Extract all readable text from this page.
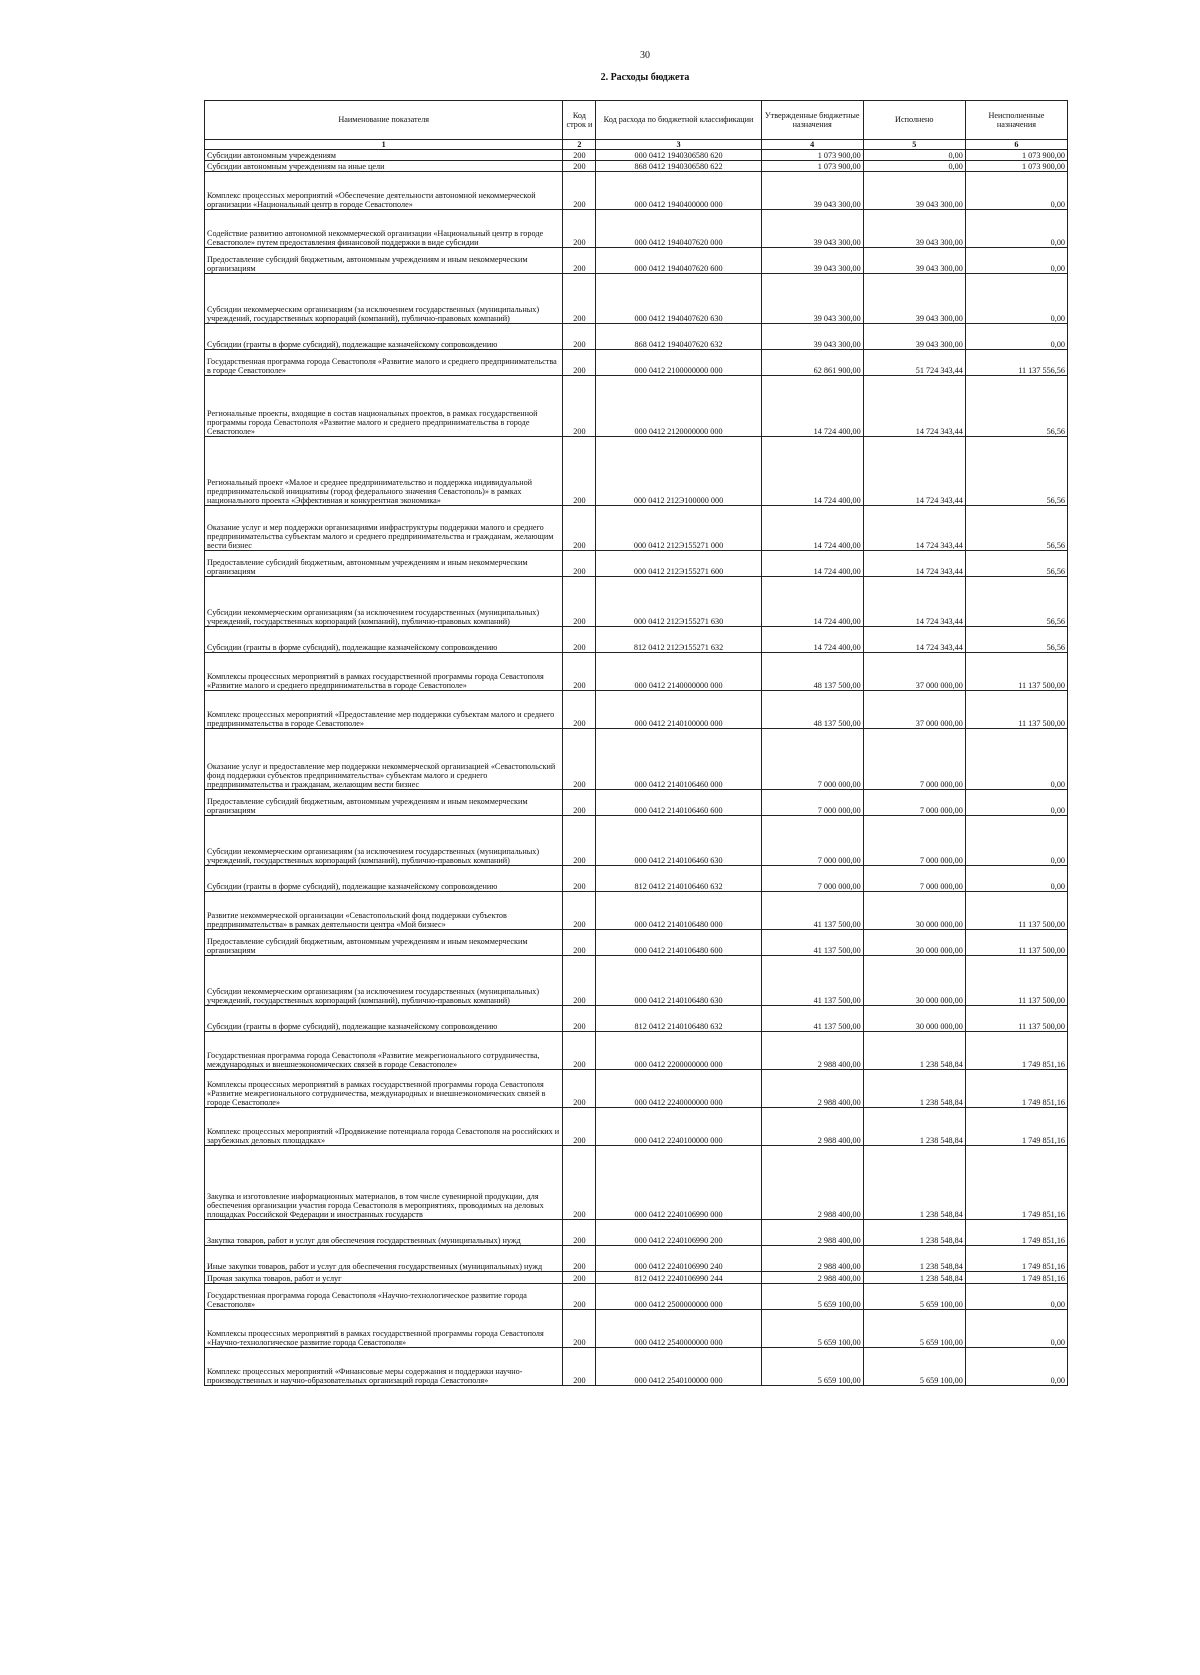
30
2. Расходы бюджета
Наименование показателя	Код строк и	Код расхода по бюджетной классификации	Утвержденные бюджетные назначения	Исполнено	Неисполненные назначения
1	2	3	4	5	6
Субсидии автономным учреждениям	200	000 0412 1940306580 620	1 073 900,00	0,00	1 073 900,00
Субсидии автономным учреждениям на иные цели	200	868 0412 1940306580 622	1 073 900,00	0,00	1 073 900,00
Комплекс процессных мероприятий «Обеспечение деятельности автономной некоммерческой организации «Национальный центр в городе Севастополе»	200	000 0412 1940400000 000	39 043 300,00	39 043 300,00	0,00
Содействие развитию автономной некоммерческой организации «Национальный центр в городе Севастополе» путем предоставления финансовой поддержки в виде субсидии	200	000 0412 1940407620 000	39 043 300,00	39 043 300,00	0,00
Предоставление субсидий бюджетным, автономным учреждениям и иным некоммерческим организациям	200	000 0412 1940407620 600	39 043 300,00	39 043 300,00	0,00
Субсидии некоммерческим организациям (за исключением государственных (муниципальных) учреждений, государственных корпораций (компаний), публично-правовых компаний)	200	000 0412 1940407620 630	39 043 300,00	39 043 300,00	0,00
Субсидии (гранты в форме субсидий), подлежащие казначейскому сопровождению	200	868 0412 1940407620 632	39 043 300,00	39 043 300,00	0,00
Государственная программа города Севастополя «Развитие малого и среднего предпринимательства в городе Севастополе»	200	000 0412 2100000000 000	62 861 900,00	51 724 343,44	11 137 556,56
Региональные проекты, входящие в состав национальных проектов, в рамках государственной программы города Севастополя «Развитие малого и среднего предпринимательства в городе Севастополе»	200	000 0412 2120000000 000	14 724 400,00	14 724 343,44	56,56
Региональный проект «Малое и среднее предпринимательство и поддержка индивидуальной предпринимательской инициативы (город федерального значения Севастополь)» в рамках национального проекта «Эффективная и конкурентная экономика»	200	000 0412 212Э100000 000	14 724 400,00	14 724 343,44	56,56
Оказание услуг и мер поддержки организациями инфраструктуры поддержки малого и среднего предпринимательства субъектам малого и среднего предпринимательства и гражданам, желающим вести бизнес	200	000 0412 212Э155271 000	14 724 400,00	14 724 343,44	56,56
Предоставление субсидий бюджетным, автономным учреждениям и иным некоммерческим организациям	200	000 0412 212Э155271 600	14 724 400,00	14 724 343,44	56,56
Субсидии некоммерческим организациям (за исключением государственных (муниципальных) учреждений, государственных корпораций (компаний), публично-правовых компаний)	200	000 0412 212Э155271 630	14 724 400,00	14 724 343,44	56,56
Субсидии (гранты в форме субсидий), подлежащие казначейскому сопровождению	200	812 0412 212Э155271 632	14 724 400,00	14 724 343,44	56,56
Комплексы процессных мероприятий в рамках государственной программы города Севастополя «Развитие малого и среднего предпринимательства в городе Севастополе»	200	000 0412 2140000000 000	48 137 500,00	37 000 000,00	11 137 500,00
Комплекс процессных мероприятий «Предоставление мер поддержки субъектам малого и среднего предпринимательства в городе Севастополе»	200	000 0412 2140100000 000	48 137 500,00	37 000 000,00	11 137 500,00
Оказание услуг и предоставление мер поддержки некоммерческой организацией «Севастопольский фонд поддержки субъектов предпринимательства» субъектам малого и среднего предпринимательства и гражданам, желающим вести бизнес	200	000 0412 2140106460 000	7 000 000,00	7 000 000,00	0,00
Предоставление субсидий бюджетным, автономным учреждениям и иным некоммерческим организациям	200	000 0412 2140106460 600	7 000 000,00	7 000 000,00	0,00
Субсидии некоммерческим организациям (за исключением государственных (муниципальных) учреждений, государственных корпораций (компаний), публично-правовых компаний)	200	000 0412 2140106460 630	7 000 000,00	7 000 000,00	0,00
Субсидии (гранты в форме субсидий), подлежащие казначейскому сопровождению	200	812 0412 2140106460 632	7 000 000,00	7 000 000,00	0,00
Развитие некоммерческой организации «Севастопольский фонд поддержки субъектов предпринимательства» в рамках деятельности центра «Мой бизнес»	200	000 0412 2140106480 000	41 137 500,00	30 000 000,00	11 137 500,00
Предоставление субсидий бюджетным, автономным учреждениям и иным некоммерческим организациям	200	000 0412 2140106480 600	41 137 500,00	30 000 000,00	11 137 500,00
Субсидии некоммерческим организациям (за исключением государственных (муниципальных) учреждений, государственных корпораций (компаний), публично-правовых компаний)	200	000 0412 2140106480 630	41 137 500,00	30 000 000,00	11 137 500,00
Субсидии (гранты в форме субсидий), подлежащие казначейскому сопровождению	200	812 0412 2140106480 632	41 137 500,00	30 000 000,00	11 137 500,00
Государственная программа города Севастополя «Развитие межрегионального сотрудничества, международных и внешнеэкономических связей в городе Севастополе»	200	000 0412 2200000000 000	2 988 400,00	1 238 548,84	1 749 851,16
Комплексы процессных мероприятий в рамках государственной программы города Севастополя «Развитие межрегионального сотрудничества, международных и внешнеэкономических связей в городе Севастополе»	200	000 0412 2240000000 000	2 988 400,00	1 238 548,84	1 749 851,16
Комплекс процессных мероприятий «Продвижение потенциала города Севастополя на российских и зарубежных деловых площадках»	200	000 0412 2240100000 000	2 988 400,00	1 238 548,84	1 749 851,16
Закупка и изготовление информационных материалов, в том числе сувенирной продукции, для обеспечения организации участия города Севастополя в мероприятиях, проводимых на деловых площадках Российской Федерации и иностранных государств	200	000 0412 2240106990 000	2 988 400,00	1 238 548,84	1 749 851,16
Закупка товаров, работ и услуг для обеспечения государственных (муниципальных) нужд	200	000 0412 2240106990 200	2 988 400,00	1 238 548,84	1 749 851,16
Иные закупки товаров, работ и услуг для обеспечения государственных (муниципальных) нужд	200	000 0412 2240106990 240	2 988 400,00	1 238 548,84	1 749 851,16
Прочая закупка товаров, работ и услуг	200	812 0412 2240106990 244	2 988 400,00	1 238 548,84	1 749 851,16
Государственная программа города Севастополя «Научно-технологическое развитие города Севастополя»	200	000 0412 2500000000 000	5 659 100,00	5 659 100,00	0,00
Комплексы процессных мероприятий в рамках государственной программы города Севастополя «Научно-технологическое развитие города Севастополя»	200	000 0412 2540000000 000	5 659 100,00	5 659 100,00	0,00
Комплекс процессных мероприятий «Финансовые меры содержания и поддержки научно-производственных и научно-образовательных организаций города Севастополя»	200	000 0412 2540100000 000	5 659 100,00	5 659 100,00	0,00
